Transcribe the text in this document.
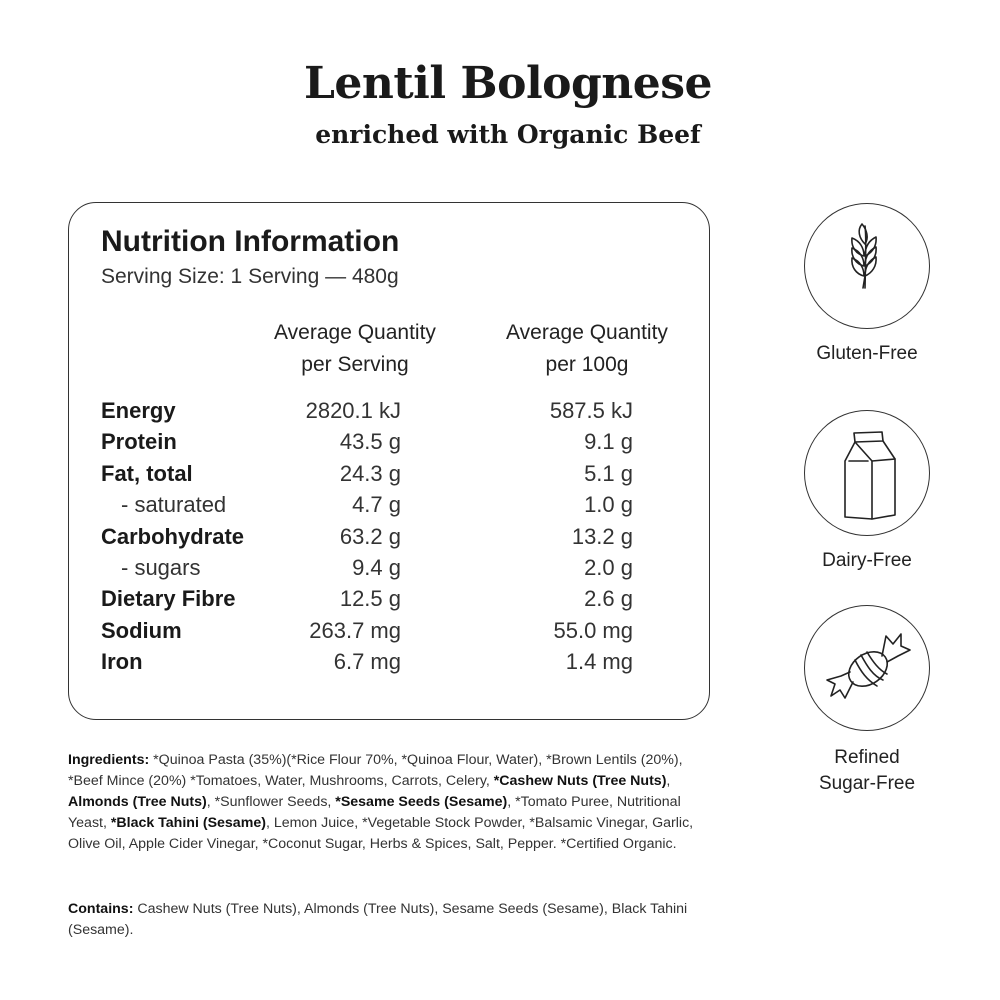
Lentil Bolognese
enriched with Organic Beef
Nutrition Information
Serving Size: 1 Serving — 480g
Average Quantity
per Serving
Average Quantity
per 100g
Energy	2820.1 kJ	587.5 kJ
Protein	43.5 g	9.1 g
Fat, total	24.3 g	5.1 g
- saturated	4.7 g	1.0 g
Carbohydrate	63.2 g	13.2 g
- sugars	9.4 g	2.0 g
Dietary Fibre	12.5 g	2.6 g
Sodium	263.7 mg	55.0 mg
Iron	6.7 mg	1.4 mg

Ingredients: *Quinoa Pasta (35%)(*Rice Flour 70%, *Quinoa Flour, Water), *Brown Lentils (20%), *Beef Mince (20%) *Tomatoes, Water, Mushrooms, Carrots, Celery, *Cashew Nuts (Tree Nuts), Almonds (Tree Nuts), *Sunflower Seeds, *Sesame Seeds (Sesame), *Tomato Puree, Nutritional Yeast, *Black Tahini (Sesame), Lemon Juice, *Vegetable Stock Powder, *Balsamic Vinegar, Garlic, Olive Oil, Apple Cider Vinegar, *Coconut Sugar, Herbs & Spices, Salt, Pepper. *Certified Organic.

Contains: Cashew Nuts (Tree Nuts), Almonds (Tree Nuts), Sesame Seeds (Sesame), Black Tahini (Sesame).

Gluten-Free
Dairy-Free
Refined
Sugar-Free
